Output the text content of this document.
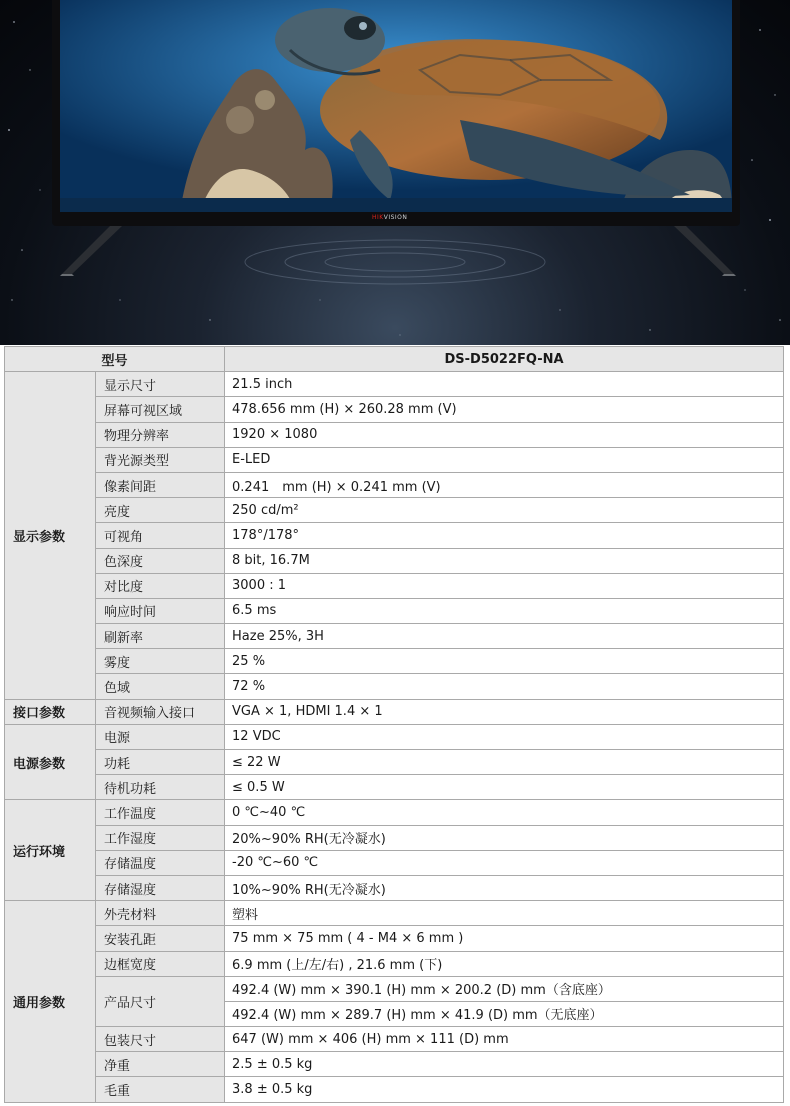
HIKVISION
型号		DS-D5022FQ-NA
显示参数	显示尺寸	21.5 inch
	屏幕可视区域	478.656 mm (H) × 260.28 mm (V)
	物理分辨率	1920 × 1080
	背光源类型	E-LED
	像素间距	0.241　mm (H) × 0.241 mm (V)
	亮度	250 cd/m²
	可视角	178°/178°
	色深度	8 bit, 16.7M
	对比度	3000 : 1
	响应时间	6.5 ms
	刷新率	Haze 25%, 3H
	雾度	25 %
	色域	72 %
接口参数	音视频输入接口	VGA × 1, HDMI 1.4 × 1
电源参数	电源	12 VDC
	功耗	≤ 22 W
	待机功耗	≤ 0.5 W
运行环境	工作温度	0 ℃~40 ℃
	工作湿度	20%~90% RH(无冷凝水)
	存储温度	-20 ℃~60 ℃
	存储湿度	10%~90% RH(无冷凝水)
通用参数	外壳材料	塑料
	安装孔距	75 mm × 75 mm ( 4 - M4 × 6 mm )
	边框宽度	6.9 mm (上/左/右) , 21.6 mm (下)
	产品尺寸	492.4 (W) mm × 390.1 (H) mm × 200.2 (D) mm（含底座）
		492.4 (W) mm × 289.7 (H) mm × 41.9 (D) mm（无底座）
	包装尺寸	647 (W) mm × 406 (H) mm × 111 (D) mm
	净重	2.5 ± 0.5 kg
	毛重	3.8 ± 0.5 kg
